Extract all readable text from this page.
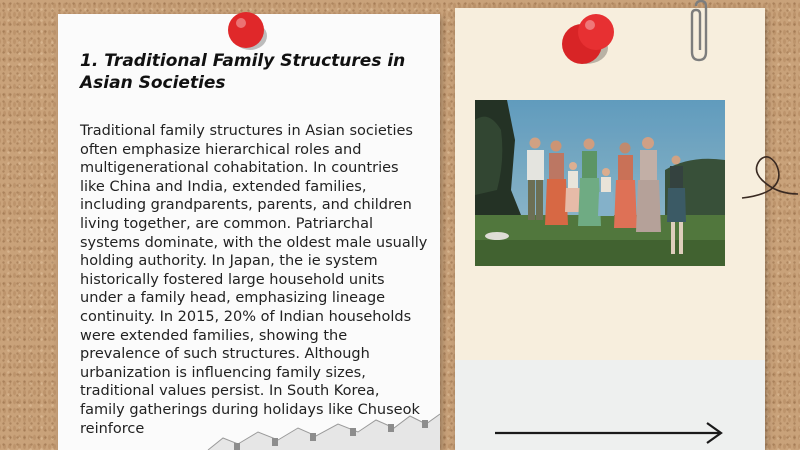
1. Traditional Family Structures in Asian Societies

Traditional family structures in Asian societies often emphasize hierarchical roles and multigenerational cohabitation. In countries like China and India, extended families, including grandparents, parents, and children living together, are common. Patriarchal systems dominate, with the oldest male usually holding authority. In Japan, the ie system historically fostered large household units under a family head, emphasizing lineage continuity. In 2015, 20% of Indian households were extended families, showing the prevalence of such structures. Although urbanization is influencing family sizes, traditional values persist. In South Korea, family gatherings during holidays like Chuseok reinforce
